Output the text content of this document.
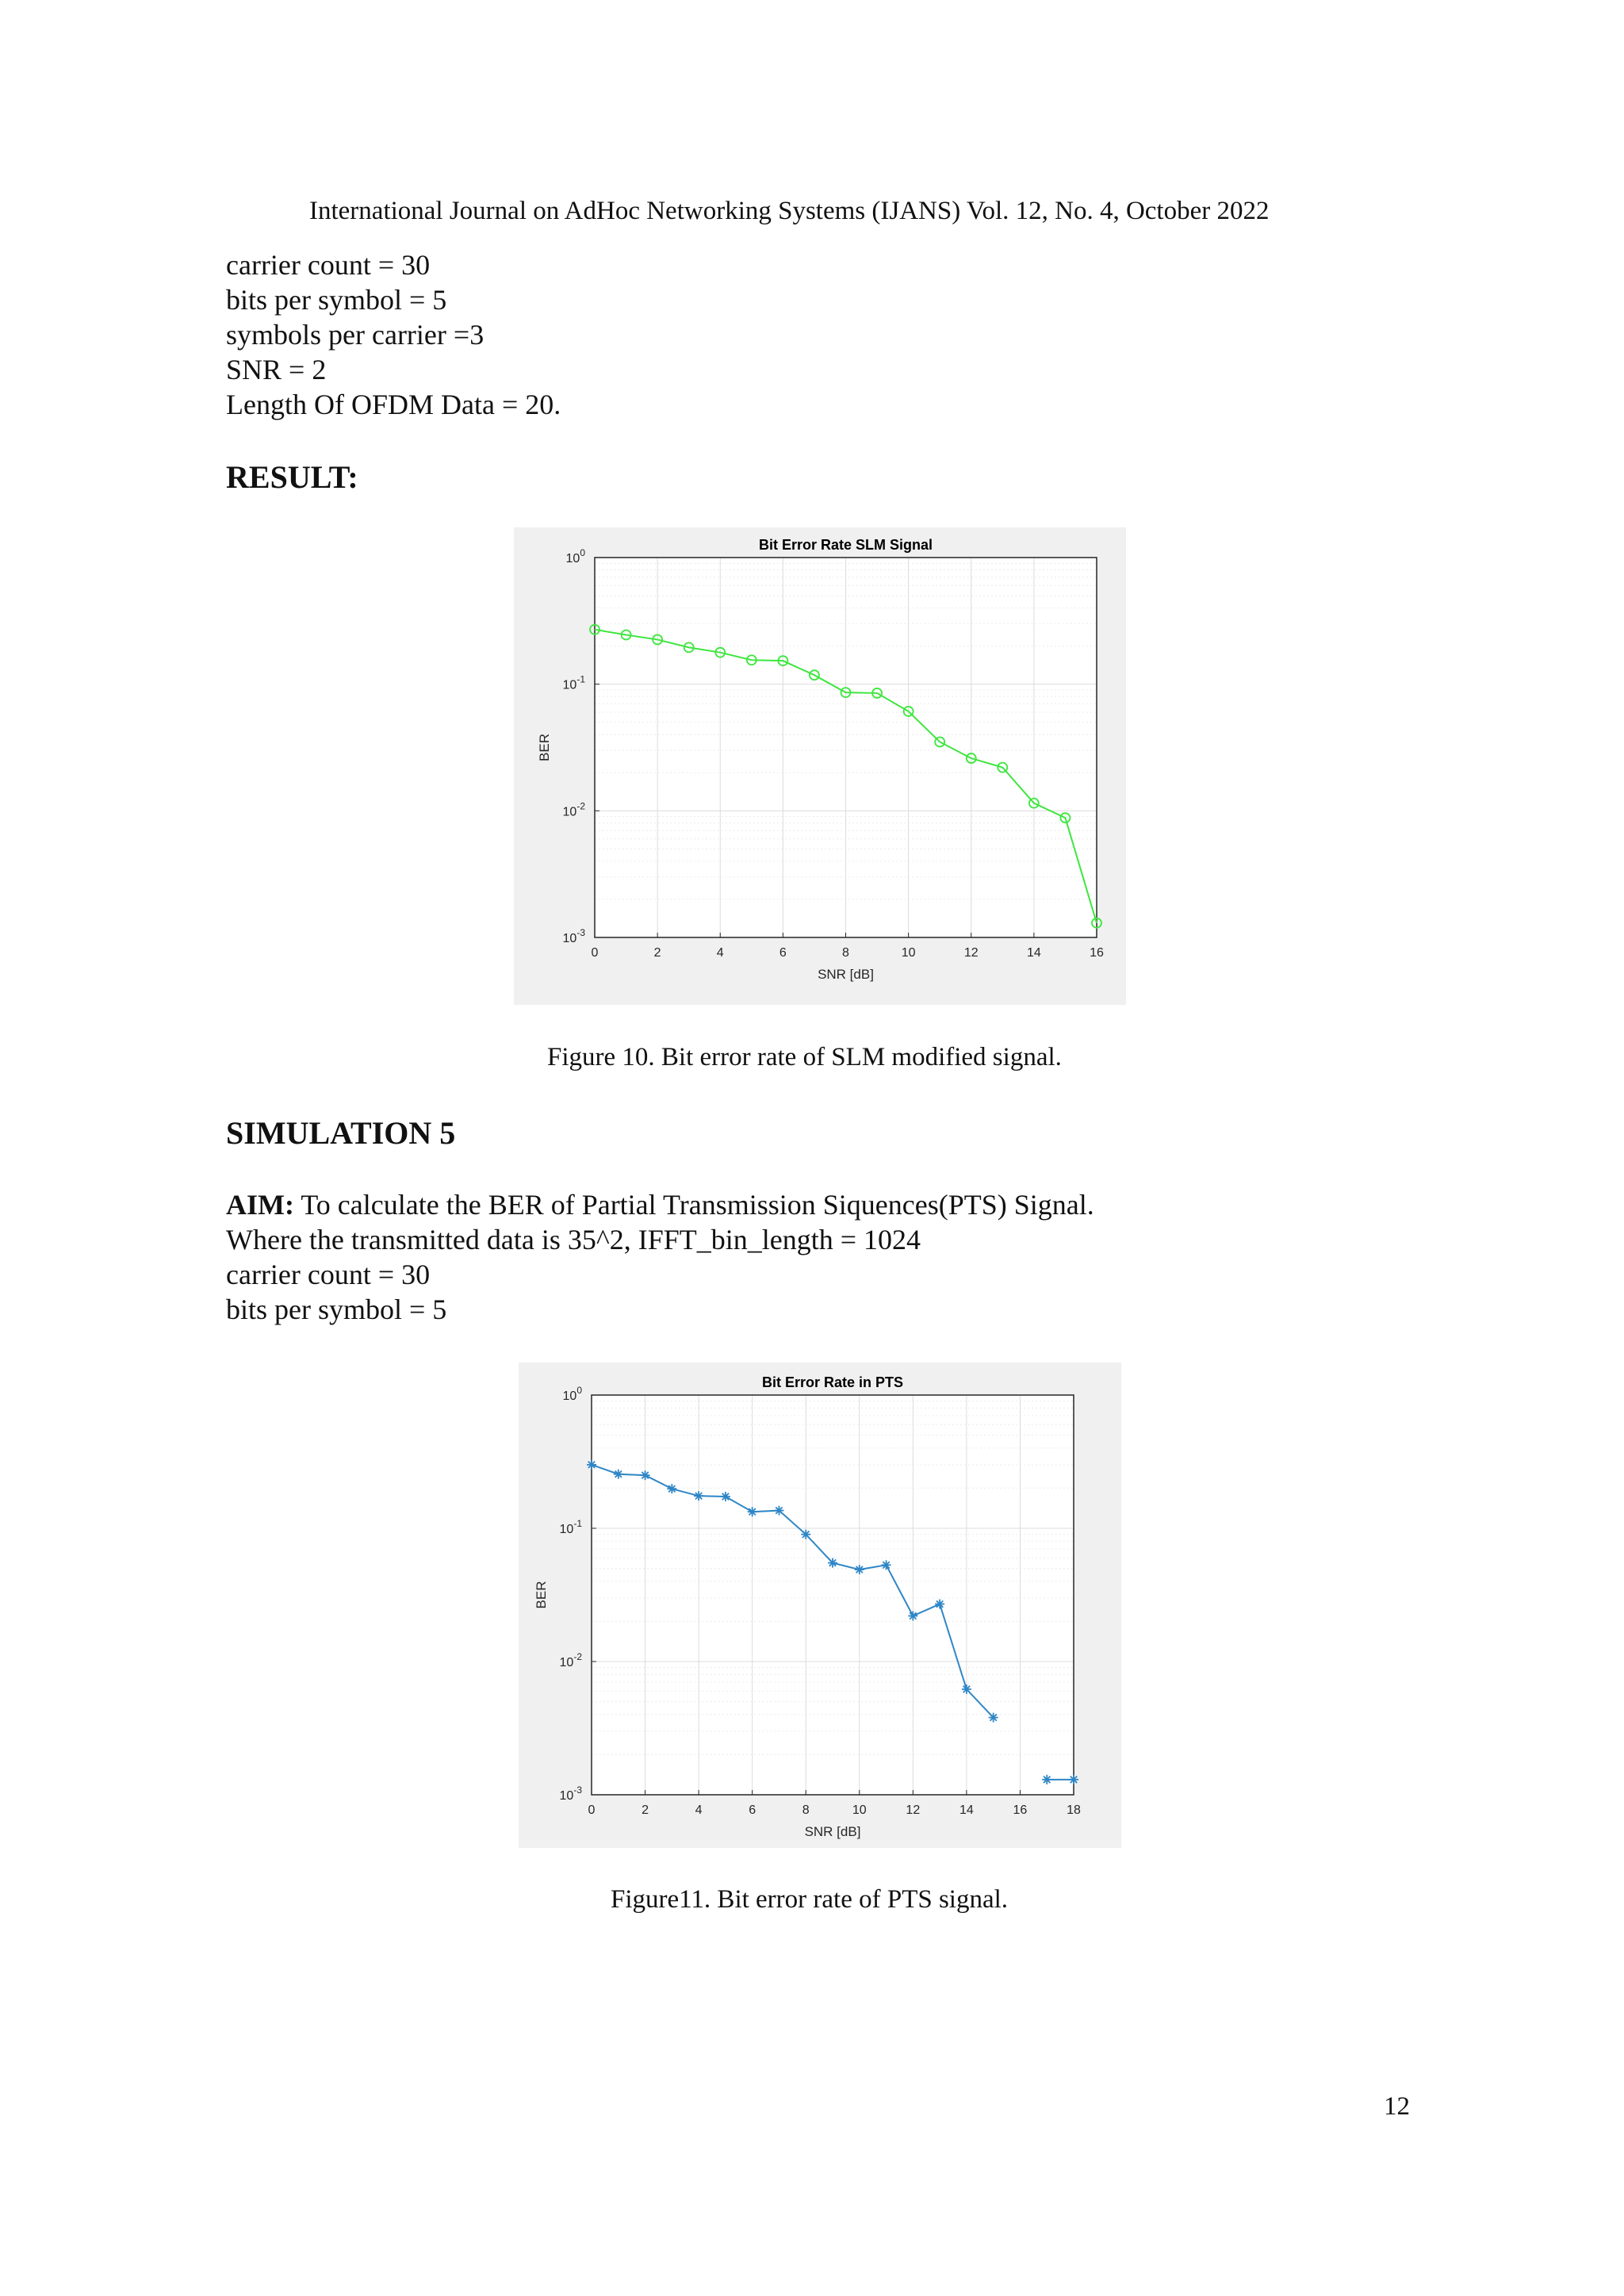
International Journal on AdHoc Networking Systems (IJANS) Vol. 12, No. 4, October 2022
carrier count = 30
bits per symbol = 5
symbols per carrier =3
SNR = 2
Length Of OFDM Data = 20.
RESULT:
0	2	4	6	8	10	12	14	16
$10^0$
$10^{-1}$
$10^{-2}$
$10^{-3}$
Bit Error Rate SLM Signal
SNR [dB]
BER
Figure 10. Bit error rate of SLM modified signal.
SIMULATION 5
AIM: To calculate the BER of Partial Transmission Siquences(PTS) Signal.
Where the transmitted data is 35^2, IFFT_bin_length = 1024
carrier count = 30
bits per symbol = 5
0	2	4	6	8	10	12	14	16	18
$10^0$
$10^{-1}$
$10^{-2}$
$10^{-3}$
Bit Error Rate in PTS
SNR [dB]
BER
Figure11. Bit error rate of PTS signal.
12
